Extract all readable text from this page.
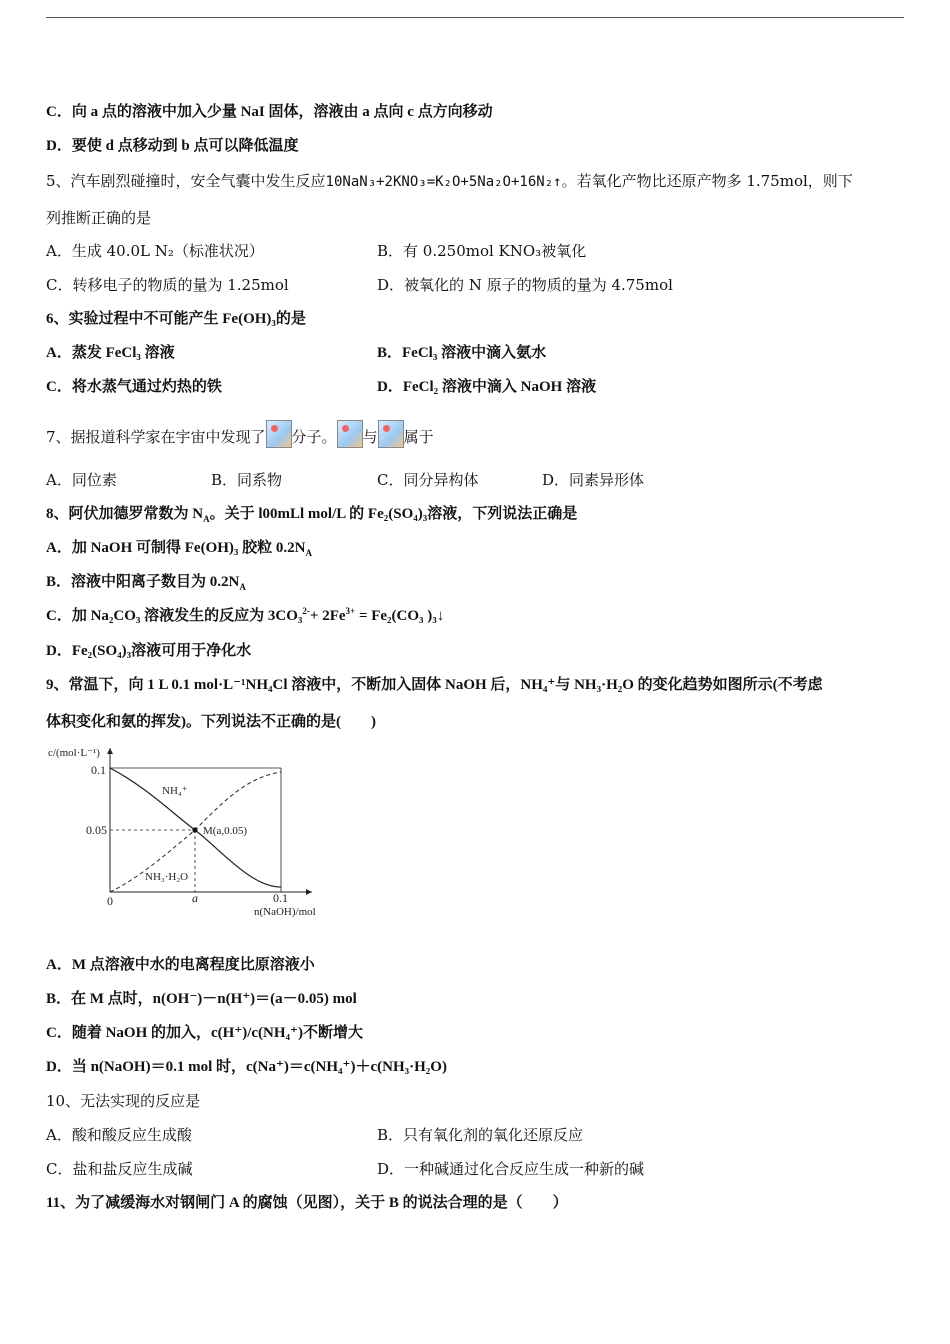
C．向 a 点的溶液中加入少量 NaI 固体，溶液由 a 点向 c 点方向移动
D．要使 d 点移动到 b 点可以降低温度
5、汽车剧烈碰撞时，安全气囊中发生反应10NaN₃+2KNO₃=K₂O+5Na₂O+16N₂↑。若氧化产物比还原产物多 1.75mol，则下
列推断正确的是
A．生成 40.0L N₂（标准状况）	B．有 0.250mol KNO₃被氧化
C．转移电子的物质的量为 1.25mol	D．被氧化的 N 原子的物质的量为 4.75mol
6、实验过程中不可能产生 Fe(OH)₃的是
A．蒸发 FeCl₃ 溶液	B．FeCl₃ 溶液中滴入氨水
C．将水蒸气通过灼热的铁	D．FeCl₂ 溶液中滴入 NaOH 溶液
7、据报道科学家在宇宙中发现了 分子。 与 属于
A．同位素	B．同系物	C．同分异构体	D．同素异形体
8、阿伏加德罗常数为 $N_A$。关于 l00mLl mol/L 的 Fe₂(SO₄)₃溶液，下列说法正确是
A．加 NaOH 可制得 Fe(OH)₃ 胶粒 $0.2N_A$
B．溶液中阳离子数目为 $0.2N_A$
C．加 Na₂CO₃ 溶液发生的反应为 $3CO_3^{2-}+ 2Fe^{3+} = Fe_2(CO_3$ )₃↓
D．Fe₂(SO₄)₃溶液可用于净化水
9、常温下，向 1 L 0.1 mol·L⁻¹NH₄Cl 溶液中，不断加入固体 NaOH 后，NH₄⁺与 NH₃·H₂O 的变化趋势如图所示(不考虑
体积变化和氨的挥发)。下列说法不正确的是(　　)
c/(mol·L⁻¹)
n(NaOH)/mol
0.1
0.05
0	a	0.1
NH₄⁺
NH₃·H₂O
M(a,0.05)
A．M 点溶液中水的电离程度比原溶液小
B．在 M 点时，n(OH⁻)－n(H⁺)＝(a－0.05) mol
C．随着 NaOH 的加入，c(H⁺)/c(NH₄⁺)不断增大
D．当 n(NaOH)＝0.1 mol 时，c(Na⁺)＝c(NH₄⁺)＋c(NH₃·H₂O)
10、无法实现的反应是
A．酸和酸反应生成酸	B．只有氧化剂的氧化还原反应
C．盐和盐反应生成碱	D．一种碱通过化合反应生成一种新的碱
11、为了减缓海水对钢闸门 A 的腐蚀（见图），关于 B 的说法合理的是（　　）
